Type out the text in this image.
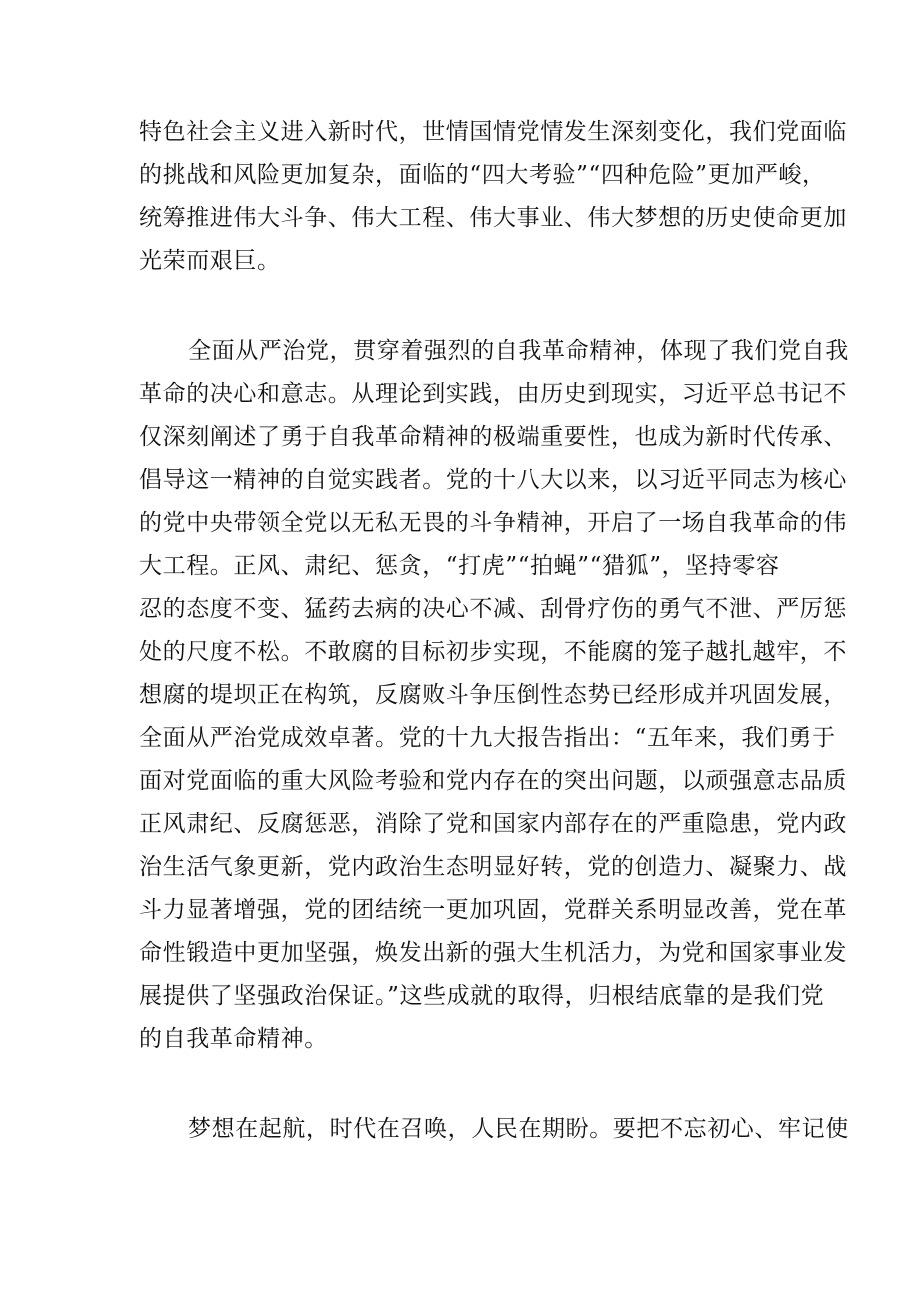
特色社会主义进入新时代，世情国情党情发生深刻变化，我们党面临
的挑战和风险更加复杂，面临的“四大考验”“四种危险”更加严峻，
统筹推进伟大斗争、伟大工程、伟大事业、伟大梦想的历史使命更加
光荣而艰巨。
全面从严治党，贯穿着强烈的自我革命精神，体现了我们党自我
革命的决心和意志。从理论到实践，由历史到现实，习近平总书记不
仅深刻阐述了勇于自我革命精神的极端重要性，也成为新时代传承、
倡导这一精神的自觉实践者。党的十八大以来，以习近平同志为核心
的党中央带领全党以无私无畏的斗争精神，开启了一场自我革命的伟
大工程。正风、肃纪、惩贪，“打虎”“拍蝇”“猎狐”，坚持零容
忍的态度不变、猛药去病的决心不减、刮骨疗伤的勇气不泄、严厉惩
处的尺度不松。不敢腐的目标初步实现，不能腐的笼子越扎越牢，不
想腐的堤坝正在构筑，反腐败斗争压倒性态势已经形成并巩固发展，
全面从严治党成效卓著。党的十九大报告指出：“五年来，我们勇于
面对党面临的重大风险考验和党内存在的突出问题，以顽强意志品质
正风肃纪、反腐惩恶，消除了党和国家内部存在的严重隐患，党内政
治生活气象更新，党内政治生态明显好转，党的创造力、凝聚力、战
斗力显著增强，党的团结统一更加巩固，党群关系明显改善，党在革
命性锻造中更加坚强，焕发出新的强大生机活力，为党和国家事业发
展提供了坚强政治保证。”这些成就的取得，归根结底靠的是我们党
的自我革命精神。
梦想在起航，时代在召唤，人民在期盼。要把不忘初心、牢记使
